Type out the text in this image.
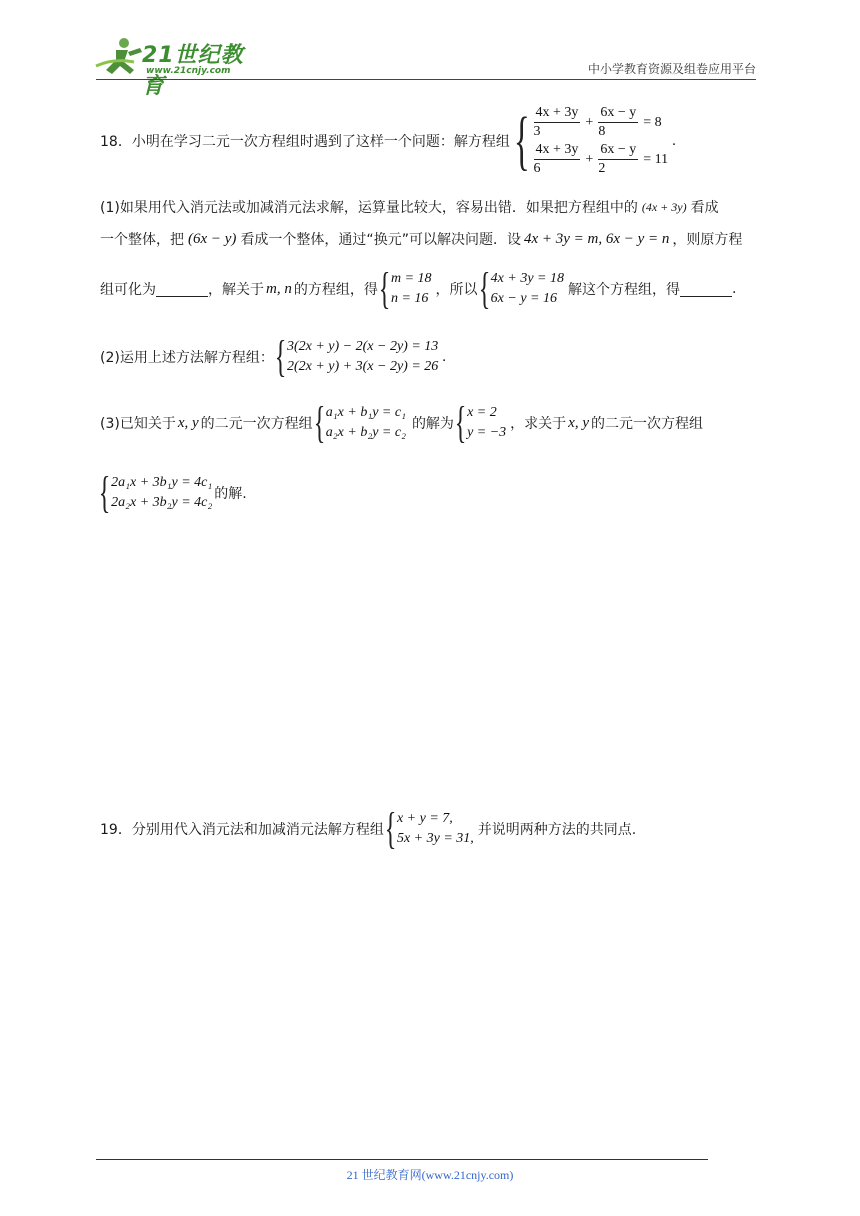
21世纪教育
www.21cnjy.com	中小学教育资源及组卷应用平台
18．小明在学习二元一次方程组时遇到了这样一个问题：解方程组 { $\frac{4x + 3y}{3} + \frac{6x - y}{8} = 8$
$\frac{4x + 3y}{6} + \frac{6x - y}{2} = 11$
.
(1)如果用代入消元法或加减消元法求解，运算量比较大，容易出错．如果把方程组中的 (4x + 3y) 看成
一个整体，把 (6x − y) 看成一个整体，通过“换元”可以解决问题．设 4x + 3y = m, 6x − y = n ，则原方程
组可化为	，解关于 m, n 的方程组，得 { m = 18
n = 16
，所以 { 4x + 3y = 18
6x − y = 16
解这个方程组，得	.
(2)运用上述方法解方程组： { 3(2x + y) − 2(x − 2y) = 13
2(2x + y) + 3(x − 2y) = 26
.
(3)已知关于 x, y 的二元一次方程组 { a₁x + b₁y = c₁
a₂x + b₂y = c₂
的解为 { x = 2
y = −3
，求关于 x, y 的二元一次方程组
{ 2a₁x + 3b₁y = 4c₁
2a₂x + 3b₂y = 4c₂
的解.
19．分别用代入消元法和加减消元法解方程组 { x + y = 7,
5x + 3y = 31,
并说明两种方法的共同点.
21 世纪教育网(www.21cnjy.com)
